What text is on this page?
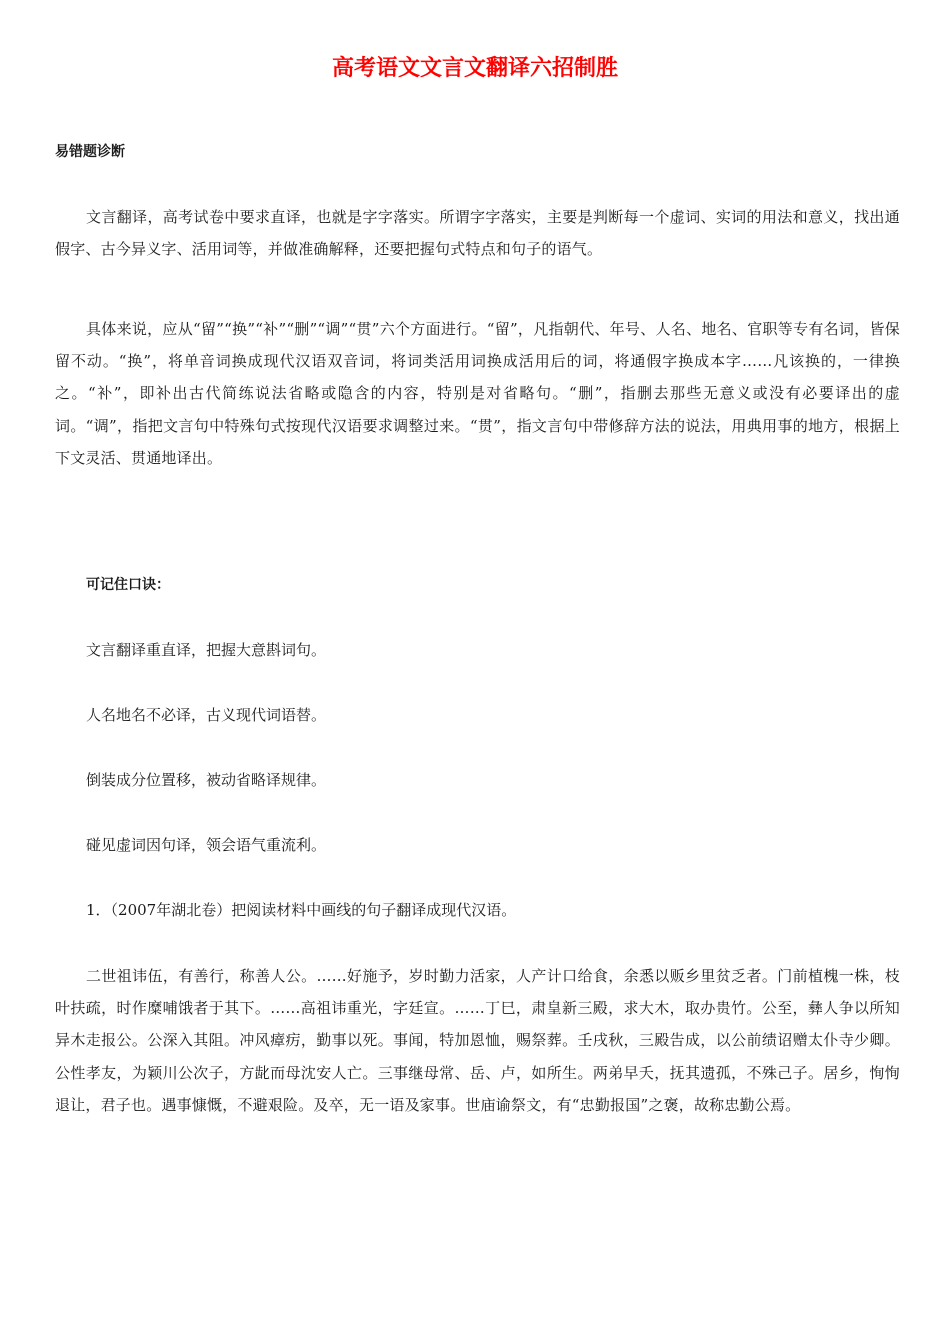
高考语文文言文翻译六招制胜
易错题诊断

文言翻译，高考试卷中要求直译，也就是字字落实。所谓字字落实，主要是判断每一个虚词、实词的用法和意义，找出通假字、古今异义字、活用词等，并做准确解释，还要把握句式特点和句子的语气。

具体来说，应从“留”“换”“补”“删”“调”“贯”六个方面进行。“留”，凡指朝代、年号、人名、地名、官职等专有名词，皆保留不动。“换”，将单音词换成现代汉语双音词，将词类活用词换成活用后的词，将通假字换成本字……凡该换的，一律换之。“补”，即补出古代简练说法省略或隐含的内容，特别是对省略句。“删”，指删去那些无意义或没有必要译出的虚词。“调”，指把文言句中特殊句式按现代汉语要求调整过来。“贯”，指文言句中带修辞方法的说法，用典用事的地方，根据上下文灵活、贯通地译出。

可记住口诀：
文言翻译重直译，把握大意斟词句。
人名地名不必译，古义现代词语替。
倒装成分位置移，被动省略译规律。
碰见虚词因句译，领会语气重流利。
1．（2007年湖北卷）把阅读材料中画线的句子翻译成现代汉语。

二世祖讳伍，有善行，称善人公。……好施予，岁时勤力活家，人产计口给食，余悉以贩乡里贫乏者。门前植槐一株，枝叶扶疏，时作糜哺饿者于其下。……高祖讳重光，字廷宣。……丁巳，肃皇新三殿，求大木，取办贵竹。公至，彝人争以所知异木走报公。公深入其阻。冲风瘴疠，勤事以死。事闻，特加恩恤，赐祭葬。壬戌秋，三殿告成，以公前绩诏赠太仆寺少卿。公性孝友，为颖川公次子，方龀而母沈安人亡。三事继母常、岳、卢，如所生。两弟早夭，抚其遗孤，不殊己子。居乡，恂恂退让，君子也。遇事慷慨，不避艰险。及卒，无一语及家事。世庙谕祭文，有“忠勤报国”之褒，故称忠勤公焉。
